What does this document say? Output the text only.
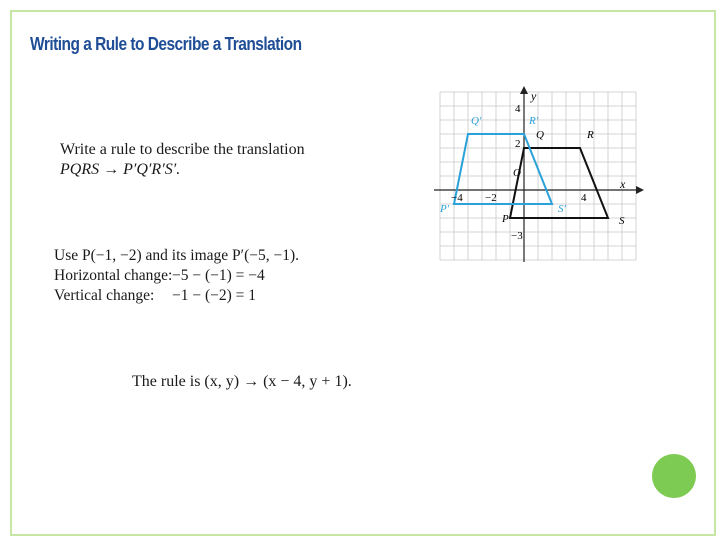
Writing a Rule to Describe a Translation
Write a rule to describe the translation
PQRS → P′Q′R′S′.
Use P(−1, −2) and its image P′(−5, −1).
Horizontal change: −5 − (−1) = −4
Vertical change: −1 − (−2) = 1
The rule is (x, y) → (x − 4, y + 1).
y
x
O
−4 −2	4
4
2
−3
P
Q	R
S
P′
Q′	R′
S′
